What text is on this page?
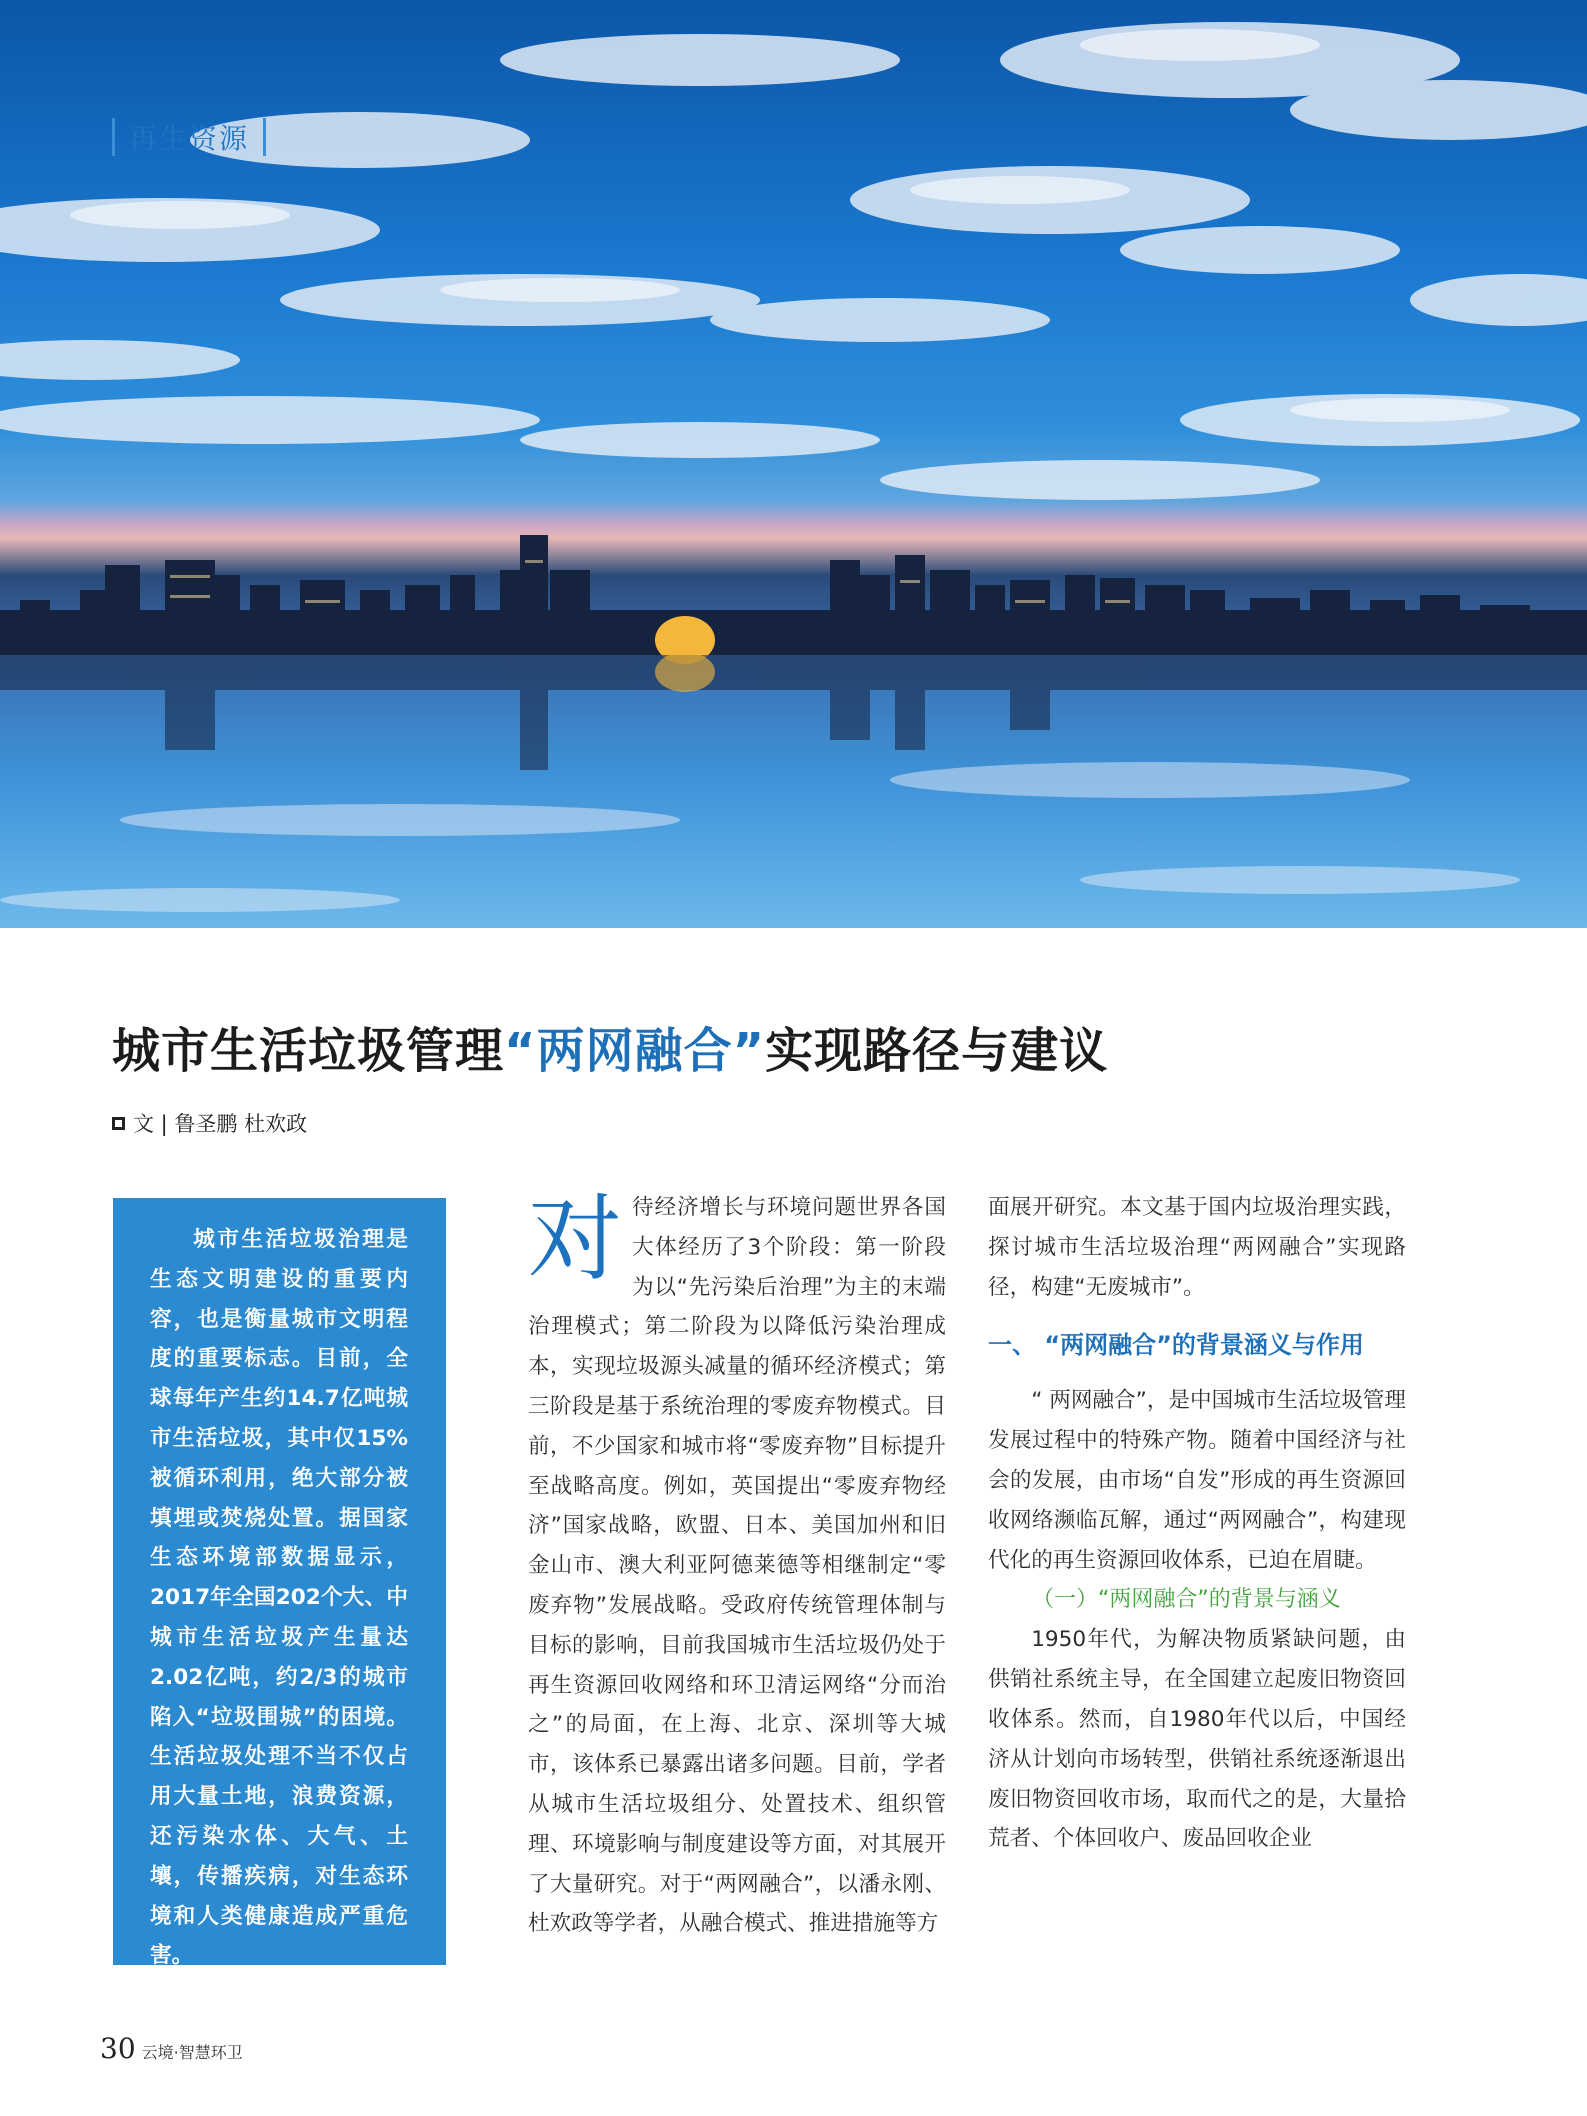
再生资源
城市生活垃圾管理“两网融合”实现路径与建议
文 | 鲁圣鹏 杜欢政
城市生活垃圾治理是生态文明建设的重要内容，也是衡量城市文明程度的重要标志。目前，全球每年产生约14.7亿吨城市生活垃圾，其中仅15%被循环利用，绝大部分被填埋或焚烧处置。据国家生态环境部数据显示，2017年全国202个大、中城市生活垃圾产生量达2.02亿吨，约2/3的城市陷入“垃圾围城”的困境。生活垃圾处理不当不仅占用大量土地，浪费资源，还污染水体、大气、土壤，传播疾病，对生态环境和人类健康造成严重危害。
对 待经济增长与环境问题世界各国大体经历了3个阶段：第一阶段为以“先污染后治理”为主的末端治理模式；第二阶段为以降低污染治理成本，实现垃圾源头减量的循环经济模式；第三阶段是基于系统治理的零废弃物模式。目前，不少国家和城市将“零废弃物”目标提升至战略高度。例如，英国提出“零废弃物经济”国家战略，欧盟、日本、美国加州和旧金山市、澳大利亚阿德莱德等相继制定“零废弃物”发展战略。受政府传统管理体制与目标的影响，目前我国城市生活垃圾仍处于再生资源回收网络和环卫清运网络“分而治之”的局面，在上海、北京、深圳等大城市，该体系已暴露出诸多问题。目前，学者从城市生活垃圾组分、处置技术、组织管理、环境影响与制度建设等方面，对其展开了大量研究。对于“两网融合”，以潘永刚、杜欢政等学者，从融合模式、推进措施等方

面展开研究。本文基于国内垃圾治理实践，探讨城市生活垃圾治理“两网融合”实现路径，构建“无废城市”。

一、 “两网融合”的背景涵义与作用

“ 两网融合”，是中国城市生活垃圾管理发展过程中的特殊产物。随着中国经济与社会的发展，由市场“自发”形成的再生资源回收网络濒临瓦解，通过“两网融合”，构建现代化的再生资源回收体系，已迫在眉睫。

（一）“两网融合”的背景与涵义

1950年代，为解决物质紧缺问题，由供销社系统主导，在全国建立起废旧物资回收体系。然而，自1980年代以后，中国经济从计划向市场转型，供销社系统逐渐退出废旧物资回收市场，取而代之的是，大量拾荒者、个体回收户、废品回收企业

30 云境·智慧环卫
